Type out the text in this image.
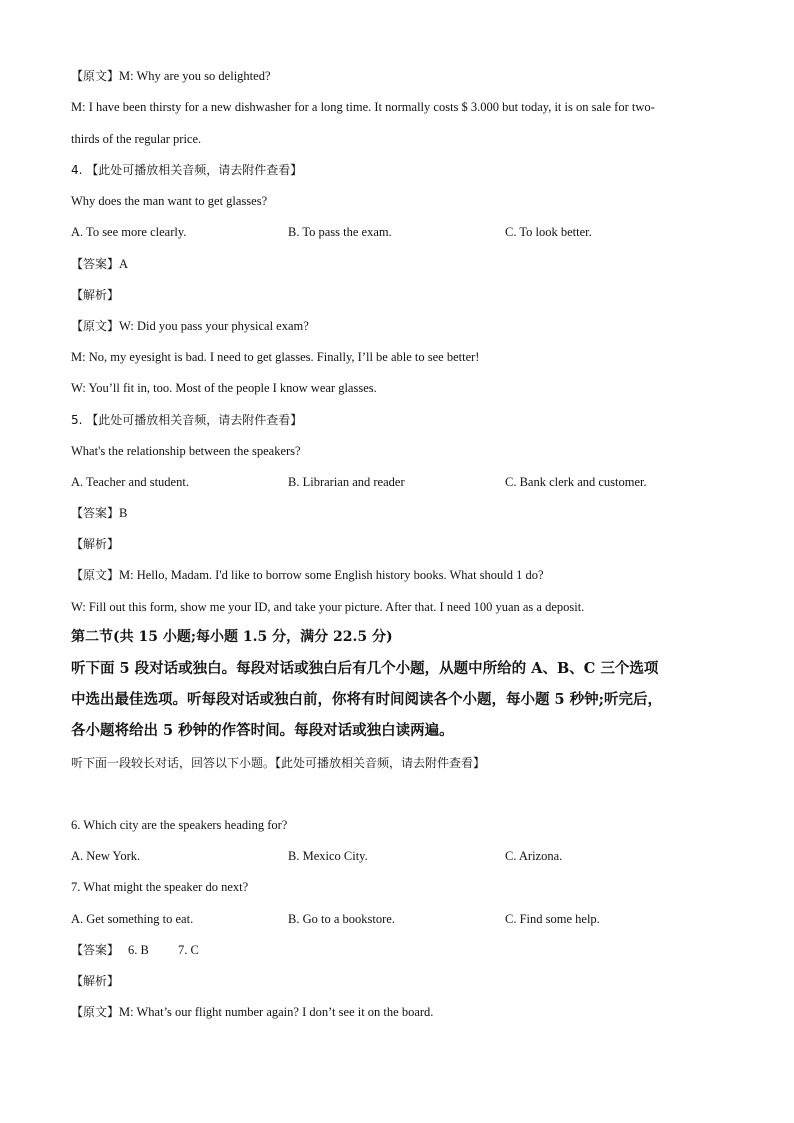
【原文】M: Why are you so delighted?
M: I have been thirsty for a new dishwasher for a long time. It normally costs $ 3.000 but today, it is on sale for two-
thirds of the regular price.
4. 【此处可播放相关音频，请去附件查看】
Why does the man want to get glasses?
A. To see more clearly.	B. To pass the exam.	C. To look better.
【答案】A
【解析】
【原文】W: Did you pass your physical exam?
M: No, my eyesight is bad. I need to get glasses. Finally, I’ll be able to see better!
W: You’ll fit in, too. Most of the people I know wear glasses.
5. 【此处可播放相关音频，请去附件查看】
What's the relationship between the speakers?
A. Teacher and student.	B. Librarian and reader	C. Bank clerk and customer.
【答案】B
【解析】
【原文】M: Hello, Madam. I'd like to borrow some English history books. What should 1 do?
W: Fill out this form, show me your ID, and take your picture. After that. I need 100 yuan as a deposit.
第二节(共 15 小题;每小题 1.5 分，满分 22.5 分)
听下面 5 段对话或独白。每段对话或独白后有几个小题，从题中所给的 A、B、C 三个选项
中选出最佳选项。听每段对话或独白前，你将有时间阅读各个小题，每小题 5 秒钟;听完后，
各小题将给出 5 秒钟的作答时间。每段对话或独白读两遍。
听下面一段较长对话，回答以下小题。【此处可播放相关音频，请去附件查看】
6. Which city are the speakers heading for?
A. New York.	B. Mexico City.	C. Arizona.
7. What might the speaker do next?
A. Get something to eat.	B. Go to a bookstore.	C. Find some help.
【答案】 6. B 7. C
【解析】
【原文】M: What’s our flight number again? I don’t see it on the board.
